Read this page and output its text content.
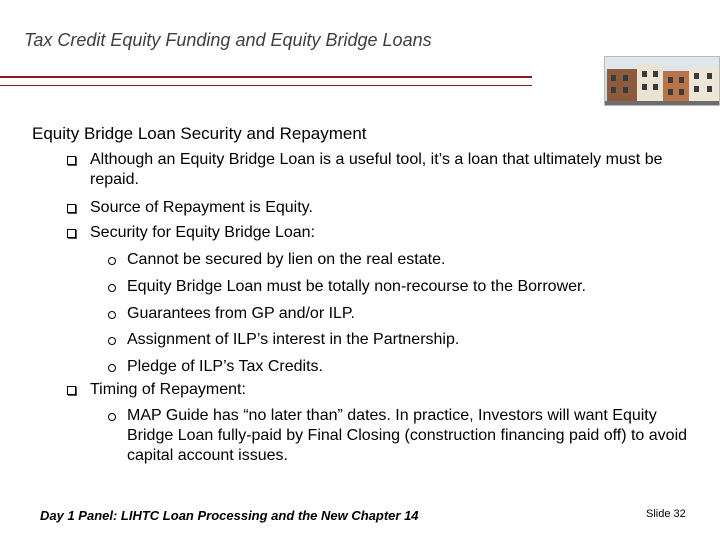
Tax Credit Equity Funding and Equity Bridge Loans
Equity Bridge Loan Security and Repayment
Although an Equity Bridge Loan is a useful tool, it’s a loan that ultimately must be repaid.
Source of Repayment is Equity.
Security for Equity Bridge Loan:
Cannot be secured by lien on the real estate.
Equity Bridge Loan must be totally non-recourse to the Borrower.
Guarantees from GP and/or ILP.
Assignment of ILP’s interest in the Partnership.
Pledge of ILP’s Tax Credits.
Timing of Repayment:
MAP Guide has “no later than” dates. In practice, Investors will want Equity Bridge Loan fully-paid by Final Closing (construction financing paid off) to avoid capital account issues.
Day 1 Panel: LIHTC Loan Processing and the New Chapter 14	Slide 32
